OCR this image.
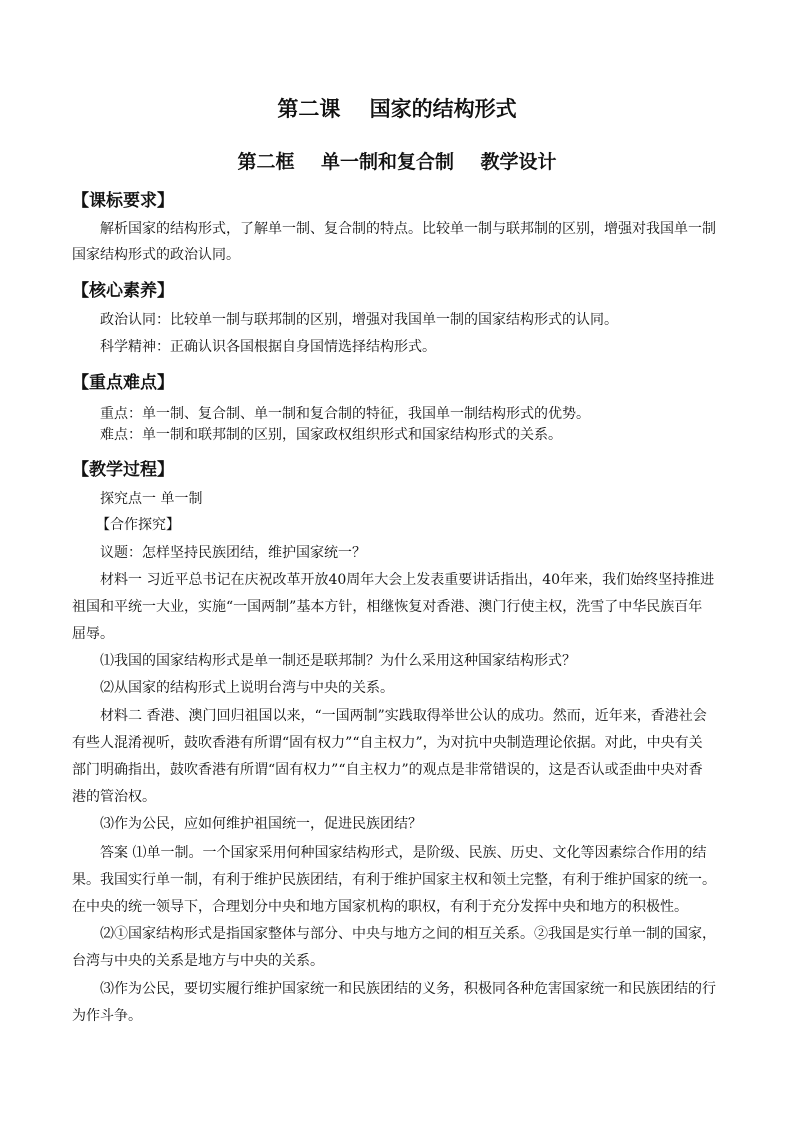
第二课    国家的结构形式
第二框    单一制和复合制    教学设计
【课标要求】
解析国家的结构形式，了解单一制、复合制的特点。比较单一制与联邦制的区别，增强对我国单一制
国家结构形式的政治认同。
【核心素养】
政治认同：比较单一制与联邦制的区别，增强对我国单一制的国家结构形式的认同。
科学精神：正确认识各国根据自身国情选择结构形式。
【重点难点】
重点：单一制、复合制、单一制和复合制的特征，我国单一制结构形式的优势。
难点：单一制和联邦制的区别，国家政权组织形式和国家结构形式的关系。
【教学过程】
探究点一 单一制
【合作探究】
议题：怎样坚持民族团结，维护国家统一？
材料一 习近平总书记在庆祝改革开放40周年大会上发表重要讲话指出，40年来，我们始终坚持推进
祖国和平统一大业，实施“一国两制”基本方针，相继恢复对香港、澳门行使主权，洗雪了中华民族百年
屈辱。
⑴我国的国家结构形式是单一制还是联邦制？为什么采用这种国家结构形式？
⑵从国家的结构形式上说明台湾与中央的关系。
材料二 香港、澳门回归祖国以来，“一国两制”实践取得举世公认的成功。然而，近年来，香港社会
有些人混淆视听，鼓吹香港有所谓“固有权力”“自主权力”，为对抗中央制造理论依据。对此，中央有关
部门明确指出，鼓吹香港有所谓“固有权力”“自主权力”的观点是非常错误的，这是否认或歪曲中央对香
港的管治权。
⑶作为公民，应如何维护祖国统一，促进民族团结？
答案 ⑴单一制。一个国家采用何种国家结构形式，是阶级、民族、历史、文化等因素综合作用的结
果。我国实行单一制，有利于维护民族团结，有利于维护国家主权和领土完整，有利于维护国家的统一。
在中央的统一领导下，合理划分中央和地方国家机构的职权，有利于充分发挥中央和地方的积极性。
⑵①国家结构形式是指国家整体与部分、中央与地方之间的相互关系。②我国是实行单一制的国家，
台湾与中央的关系是地方与中央的关系。
⑶作为公民，要切实履行维护国家统一和民族团结的义务，积极同各种危害国家统一和民族团结的行
为作斗争。
